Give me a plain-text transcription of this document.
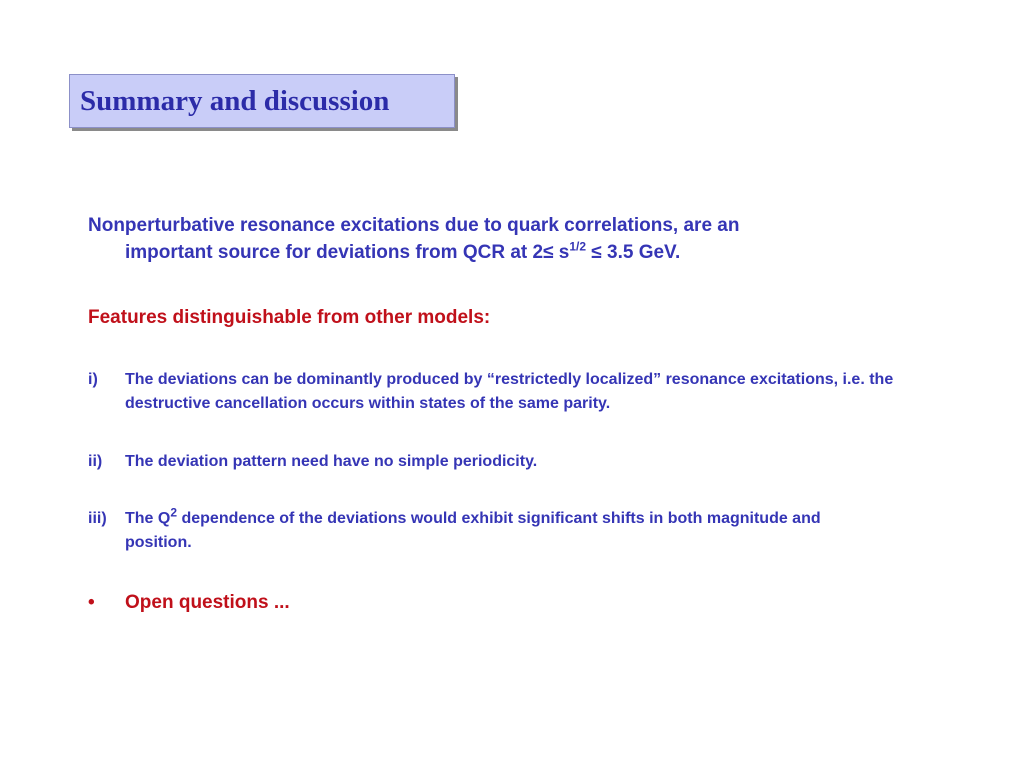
Summary and discussion
Nonperturbative resonance excitations due to quark correlations, are an
important source for deviations from QCR at $2\le s^{1/2} \le 3.5$ GeV.
Features distinguishable from other models:
i) The deviations can be dominantly produced by “restrictedly localized” resonance excitations, i.e. the destructive cancellation occurs within states of the same parity.
ii) The deviation pattern need have no simple periodicity.
iii) The $Q^2$ dependence of the deviations would exhibit significant shifts in both magnitude and position.
• Open questions ...
